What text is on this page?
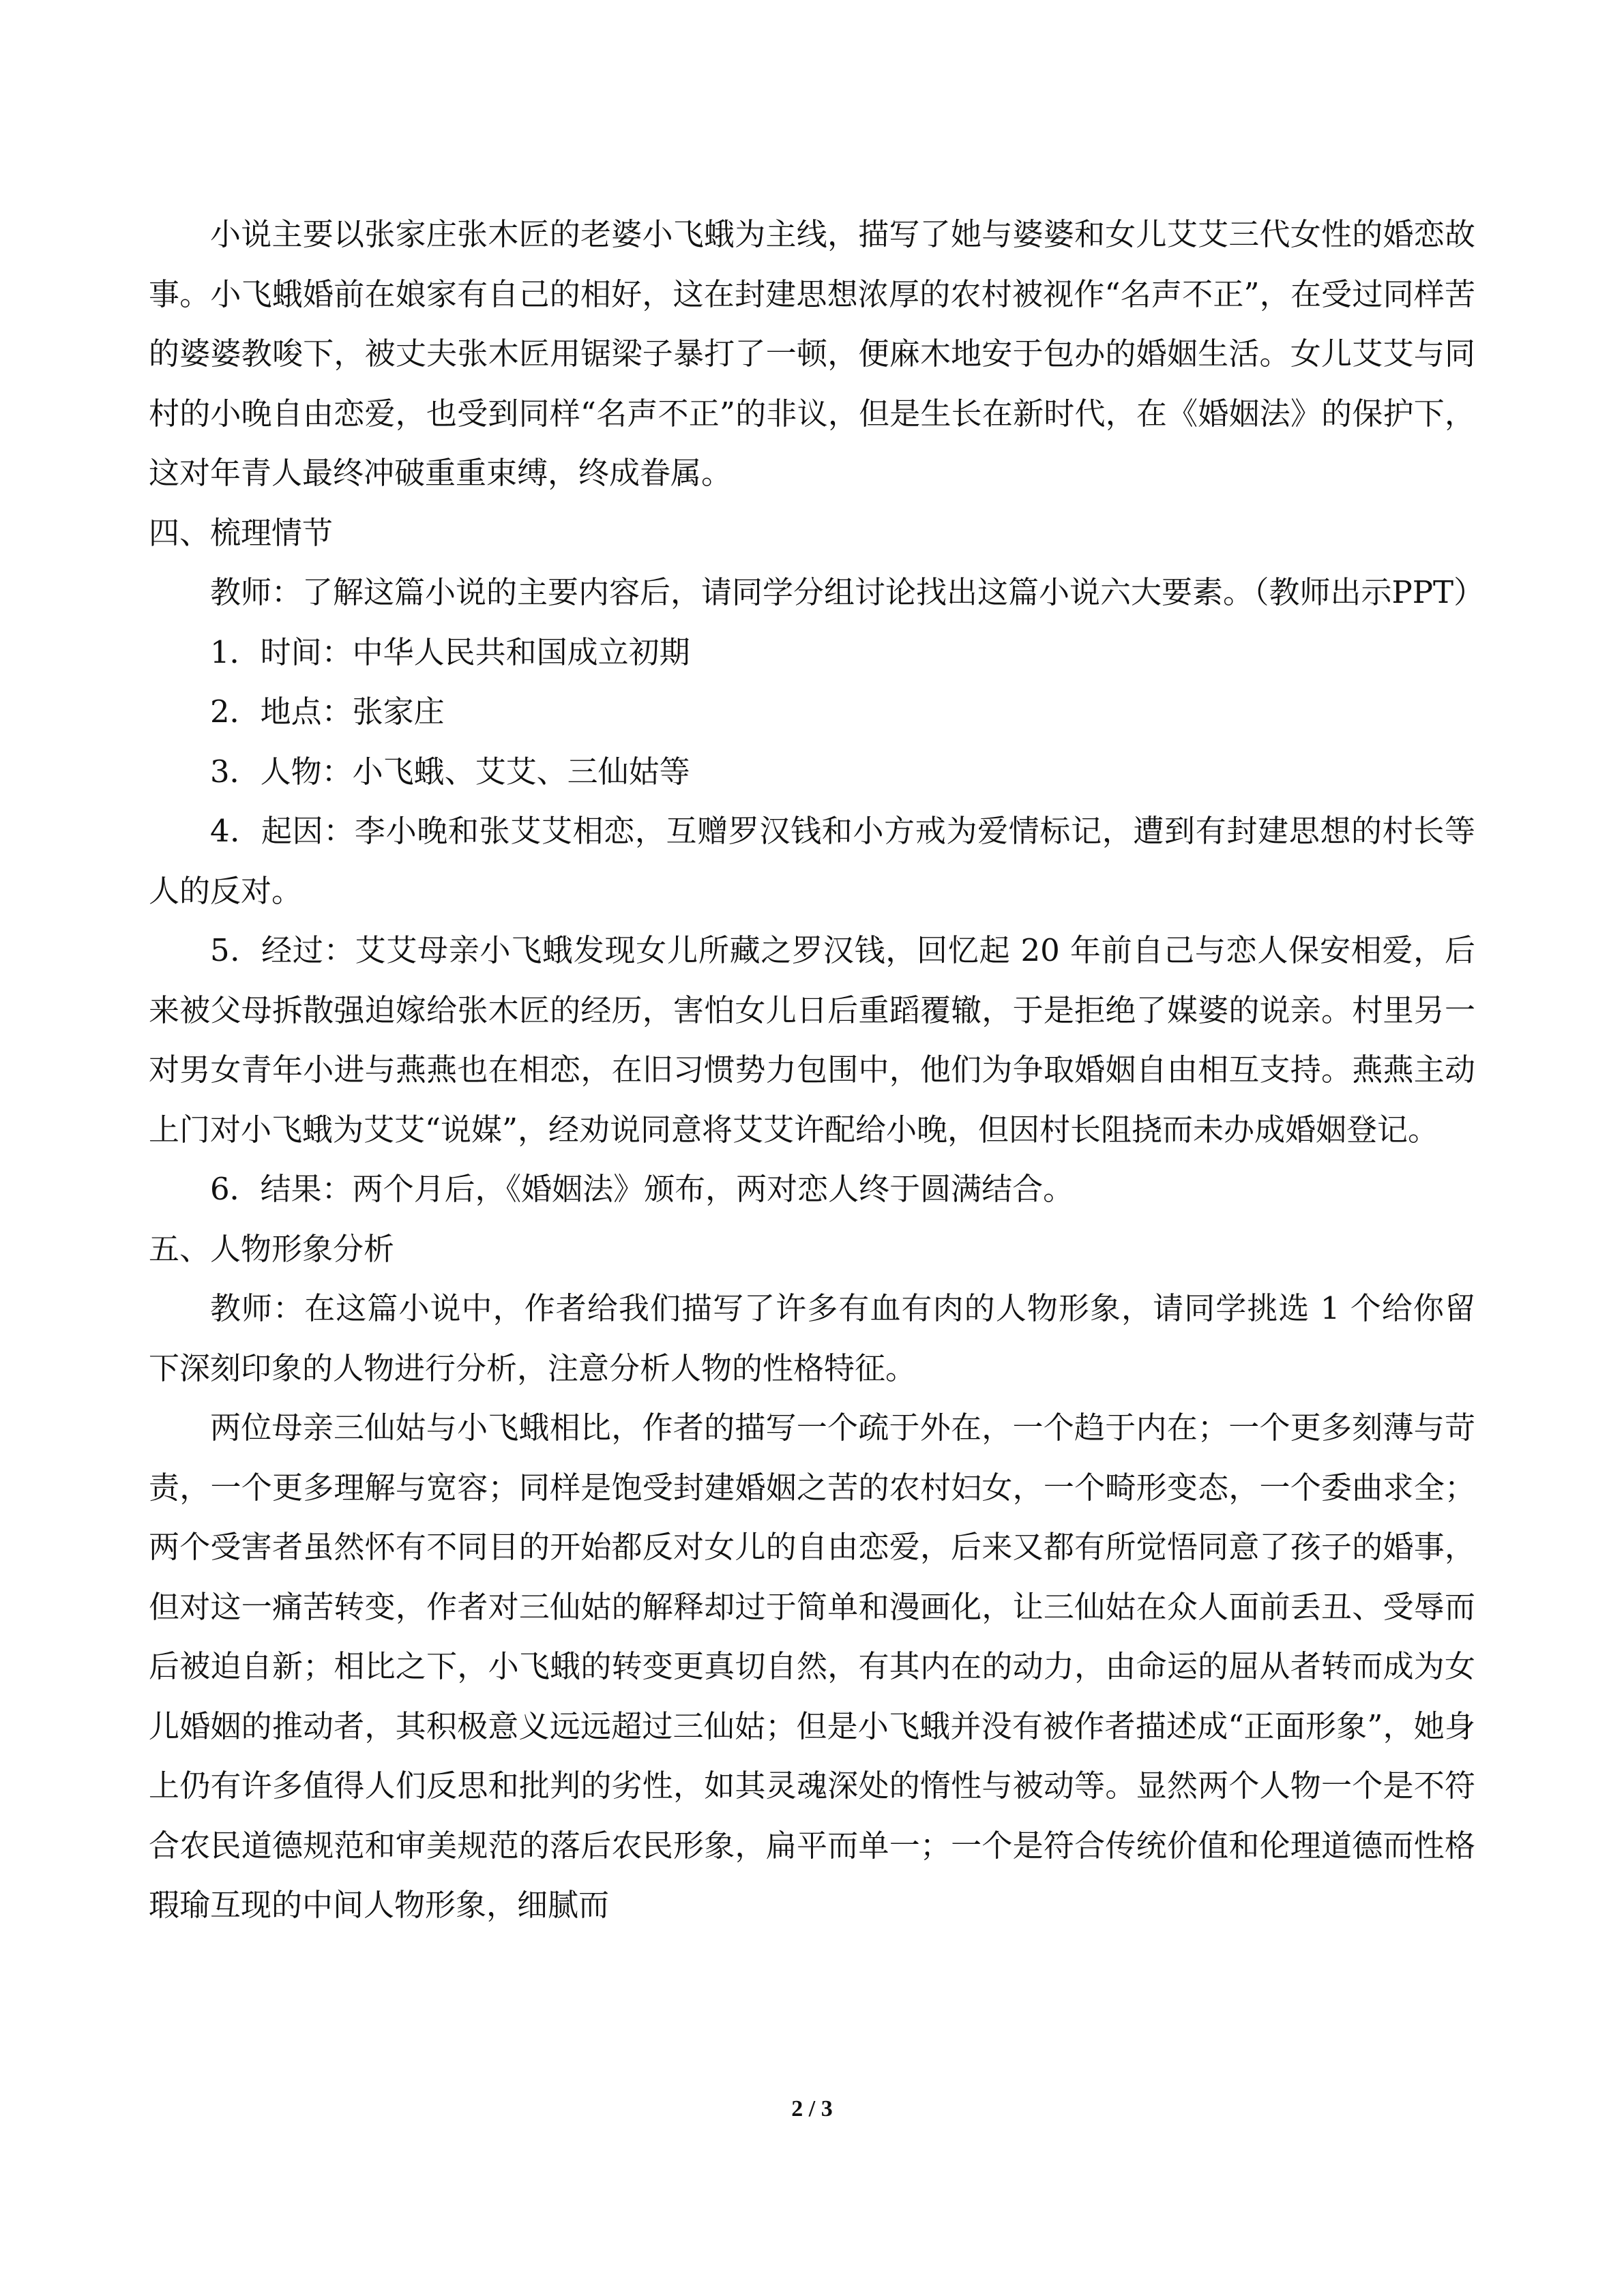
小说主要以张家庄张木匠的老婆小飞蛾为主线，描写了她与婆婆和女儿艾艾三代女性的婚恋故事。小飞蛾婚前在娘家有自己的相好，这在封建思想浓厚的农村被视作“名声不正”，在受过同样苦的婆婆教唆下，被丈夫张木匠用锯梁子暴打了一顿，便麻木地安于包办的婚姻生活。女儿艾艾与同村的小晚自由恋爱，也受到同样“名声不正”的非议，但是生长在新时代，在《婚姻法》的保护下，这对年青人最终冲破重重束缚，终成眷属。

四、梳理情节

教师：了解这篇小说的主要内容后，请同学分组讨论找出这篇小说六大要素。（教师出示PPT）

1．时间：中华人民共和国成立初期

2．地点：张家庄

3．人物：小飞蛾、艾艾、三仙姑等

4．起因：李小晚和张艾艾相恋，互赠罗汉钱和小方戒为爱情标记，遭到有封建思想的村长等人的反对。

5．经过：艾艾母亲小飞蛾发现女儿所藏之罗汉钱，回忆起 20 年前自己与恋人保安相爱，后来被父母拆散强迫嫁给张木匠的经历，害怕女儿日后重蹈覆辙，于是拒绝了媒婆的说亲。村里另一对男女青年小进与燕燕也在相恋，在旧习惯势力包围中，他们为争取婚姻自由相互支持。燕燕主动上门对小飞蛾为艾艾“说媒”，经劝说同意将艾艾许配给小晚，但因村长阻挠而未办成婚姻登记。

6．结果：两个月后，《婚姻法》颁布，两对恋人终于圆满结合。

五、人物形象分析

教师：在这篇小说中，作者给我们描写了许多有血有肉的人物形象，请同学挑选 1 个给你留下深刻印象的人物进行分析，注意分析人物的性格特征。

两位母亲三仙姑与小飞蛾相比，作者的描写一个疏于外在，一个趋于内在；一个更多刻薄与苛责，一个更多理解与宽容；同样是饱受封建婚姻之苦的农村妇女，一个畸形变态，一个委曲求全；两个受害者虽然怀有不同目的开始都反对女儿的自由恋爱，后来又都有所觉悟同意了孩子的婚事，但对这一痛苦转变，作者对三仙姑的解释却过于简单和漫画化，让三仙姑在众人面前丢丑、受辱而后被迫自新；相比之下，小飞蛾的转变更真切自然，有其内在的动力，由命运的屈从者转而成为女儿婚姻的推动者，其积极意义远远超过三仙姑；但是小飞蛾并没有被作者描述成“正面形象”，她身上仍有许多值得人们反思和批判的劣性，如其灵魂深处的惰性与被动等。显然两个人物一个是不符合农民道德规范和审美规范的落后农民形象，扁平而单一；一个是符合传统价值和伦理道德而性格瑕瑜互现的中间人物形象，细腻而

2 / 3
